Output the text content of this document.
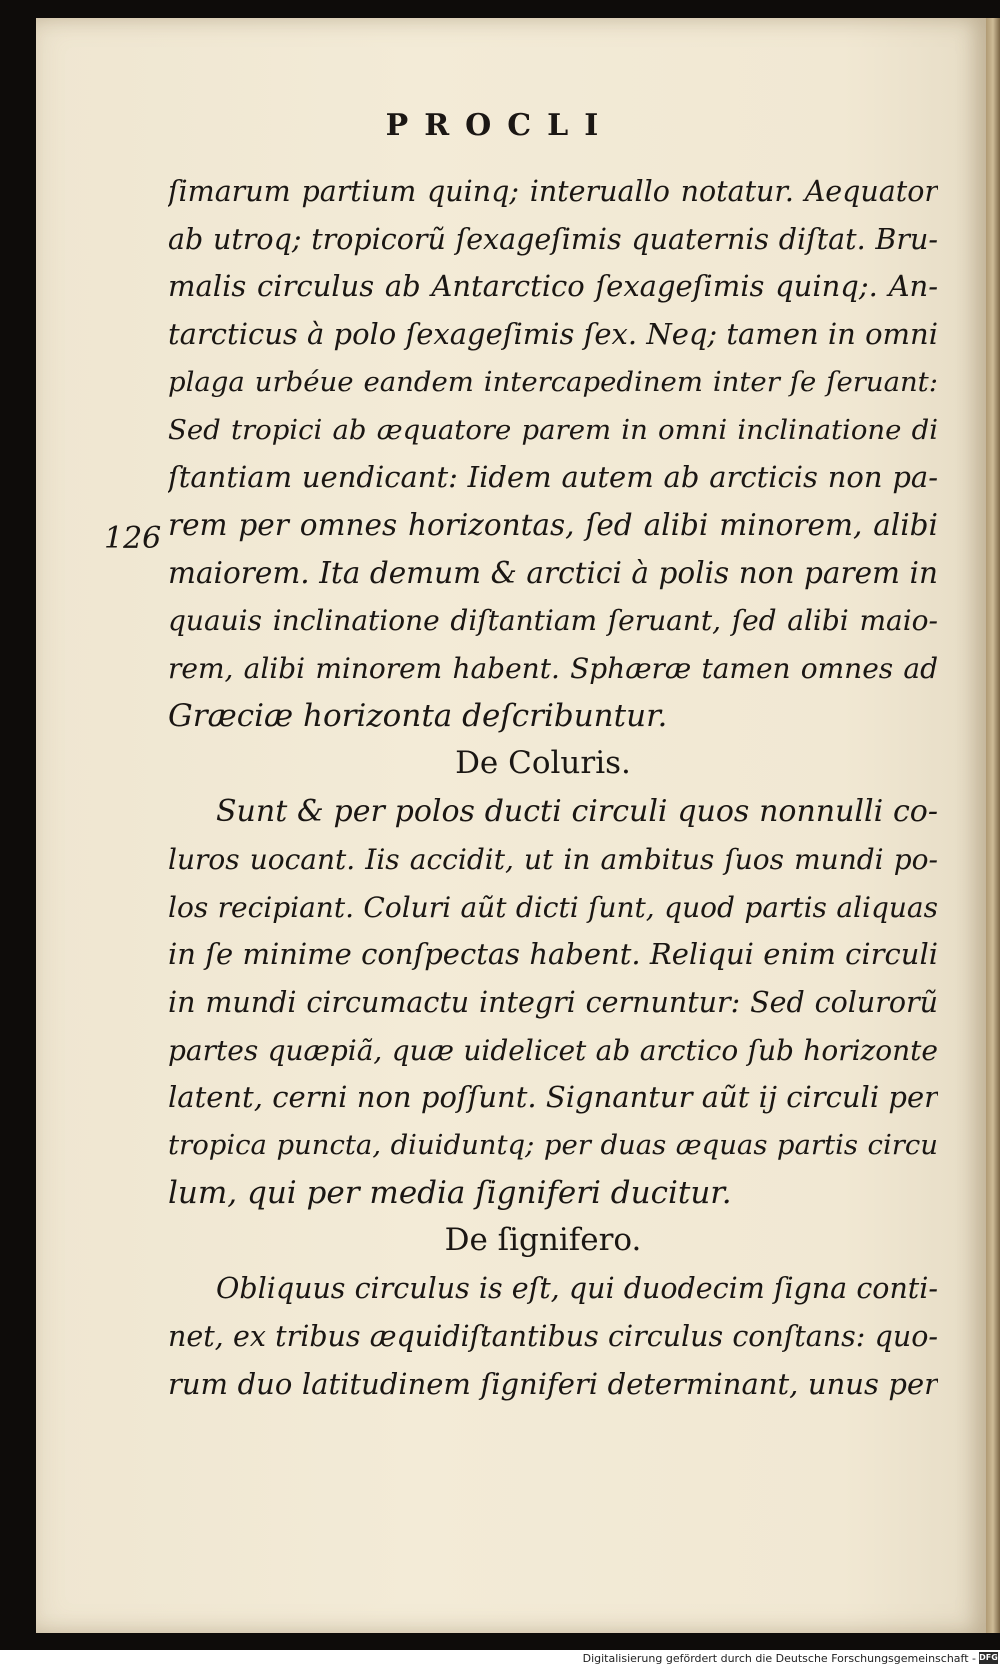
PROCLI
126
ſimarum partium quinq; interuallo notatur. Aequator
ab utroq; tropicorũ ſexageſimis quaternis diſtat. Bru-
malis circulus ab Antarctico ſexageſimis quinq;. An-
tarcticus à polo ſexageſimis ſex. Neq; tamen in omni
plaga urbéue eandem intercapedinem inter ſe ſeruant:
Sed tropici ab æquatore parem in omni inclinatione di
ſtantiam uendicant: Iidem autem ab arcticis non pa-
rem per omnes horizontas, ſed alibi minorem, alibi
maiorem. Ita demum & arctici à polis non parem in
quauis inclinatione diſtantiam ſeruant, ſed alibi maio-
rem, alibi minorem habent. Sphæræ tamen omnes ad
Græciæ horizonta deſcribuntur.
De Coluris.
Sunt & per polos ducti circuli quos nonnulli co-
luros uocant. Iis accidit, ut in ambitus ſuos mundi po-
los recipiant. Coluri aũt dicti ſunt, quod partis aliquas
in ſe minime conſpectas habent. Reliqui enim circuli
in mundi circumactu integri cernuntur: Sed colurorũ
partes quæpiã, quæ uidelicet ab arctico ſub horizonte
latent, cerni non poſſunt. Signantur aũt ij circuli per
tropica puncta, diuiduntq; per duas æquas partis circu
lum, qui per media ſigniferi ducitur.
De ſignifero.
Obliquus circulus is eſt, qui duodecim ſigna conti-
net, ex tribus æquidiſtantibus circulus conſtans: quo-
rum duo latitudinem ſigniferi determinant, unus per
Digitalisierung gefördert durch die Deutsche Forschungsgemeinschaft - DFG
